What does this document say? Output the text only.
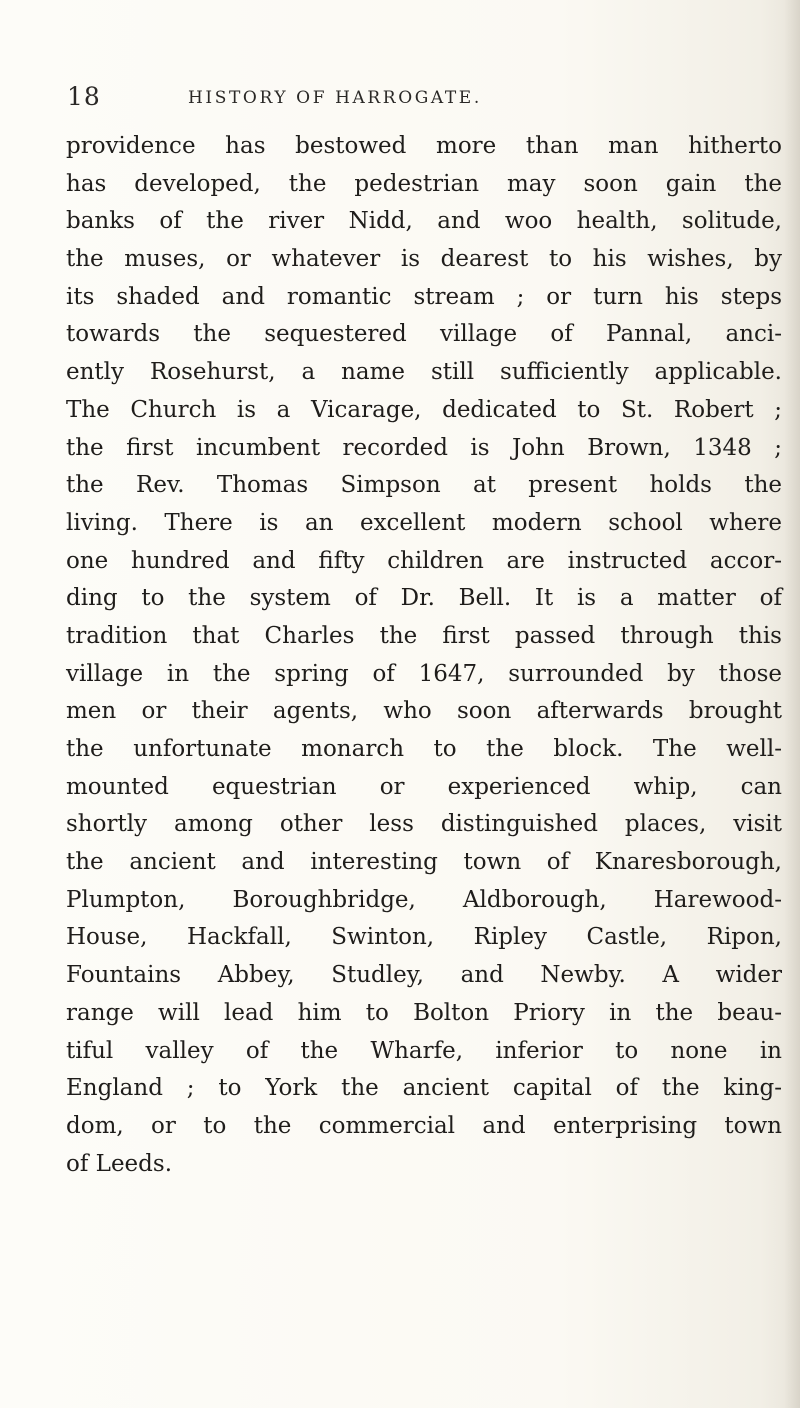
18	HISTORY OF HARROGATE.
providence has bestowed more than man hitherto
has developed, the pedestrian may soon gain the
banks of the river Nidd, and woo health, solitude,
the muses, or whatever is dearest to his wishes, by
its shaded and romantic stream ; or turn his steps
towards the sequestered village of Pannal, anci-
ently Rosehurst, a name still sufficiently applicable.
The Church is a Vicarage, dedicated to St. Robert ;
the first incumbent recorded is John Brown, 1348 ;
the Rev. Thomas Simpson at present holds the
living. There is an excellent modern school where
one hundred and fifty children are instructed accor-
ding to the system of Dr. Bell. It is a matter of
tradition that Charles the first passed through this
village in the spring of 1647, surrounded by those
men or their agents, who soon afterwards brought
the unfortunate monarch to the block. The well-
mounted equestrian or experienced whip, can
shortly among other less distinguished places, visit
the ancient and interesting town of Knaresborough,
Plumpton, Boroughbridge, Aldborough, Harewood-
House, Hackfall, Swinton, Ripley Castle, Ripon,
Fountains Abbey, Studley, and Newby. A wider
range will lead him to Bolton Priory in the beau-
tiful valley of the Wharfe, inferior to none in
England ; to York the ancient capital of the king-
dom, or to the commercial and enterprising town
of Leeds.
